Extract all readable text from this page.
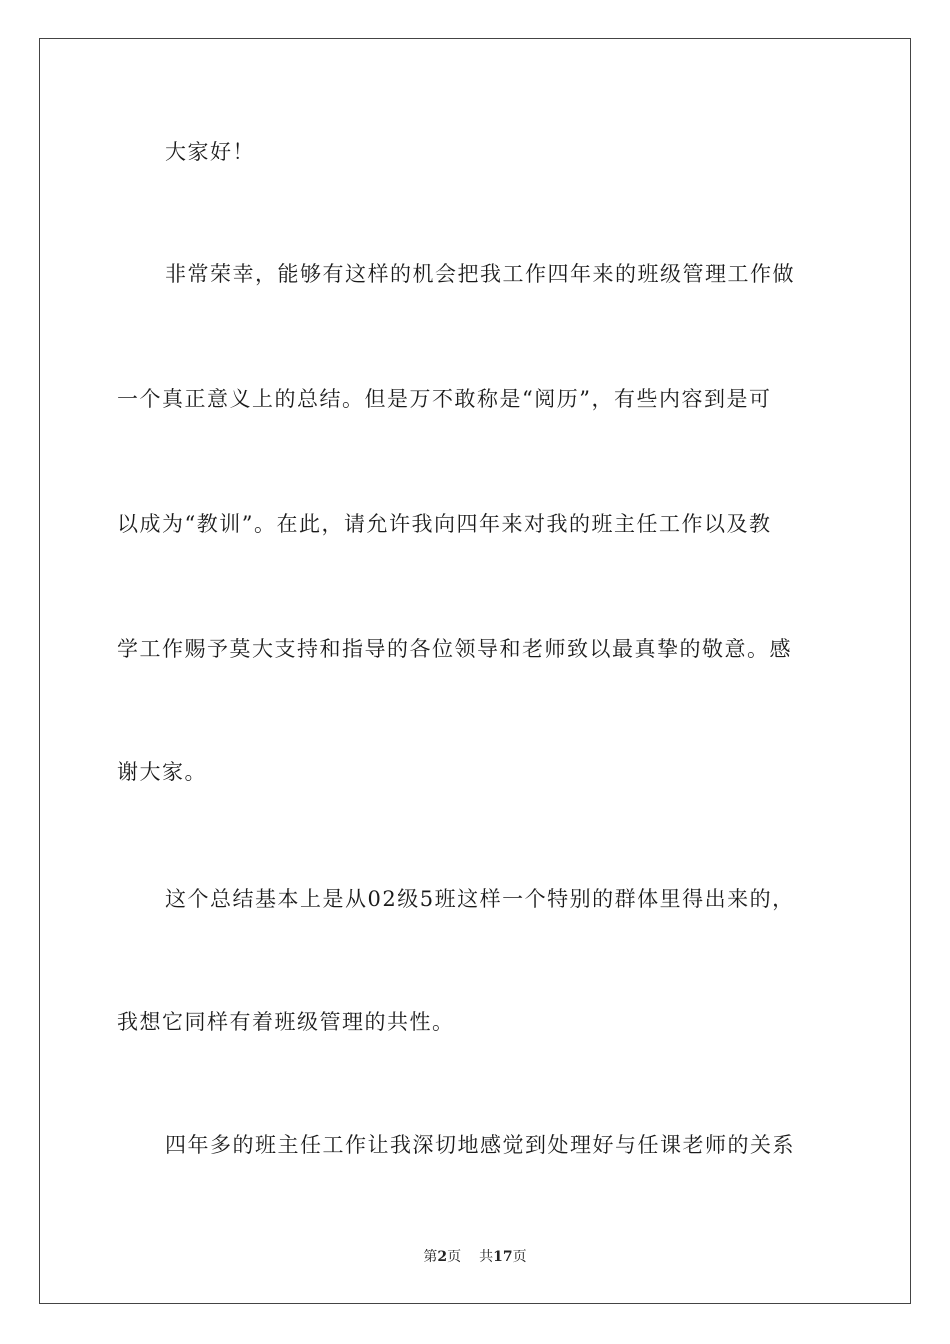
大家好！
非常荣幸，能够有这样的机会把我工作四年来的班级管理工作做
一个真正意义上的总结。但是万不敢称是“阅历”，有些内容到是可
以成为“教训”。在此，请允许我向四年来对我的班主任工作以及教
学工作赐予莫大支持和指导的各位领导和老师致以最真挚的敬意。感
谢大家。
这个总结基本上是从02级5班这样一个特别的群体里得出来的，
我想它同样有着班级管理的共性。
四年多的班主任工作让我深切地感觉到处理好与任课老师的关系
第2页 共17页
